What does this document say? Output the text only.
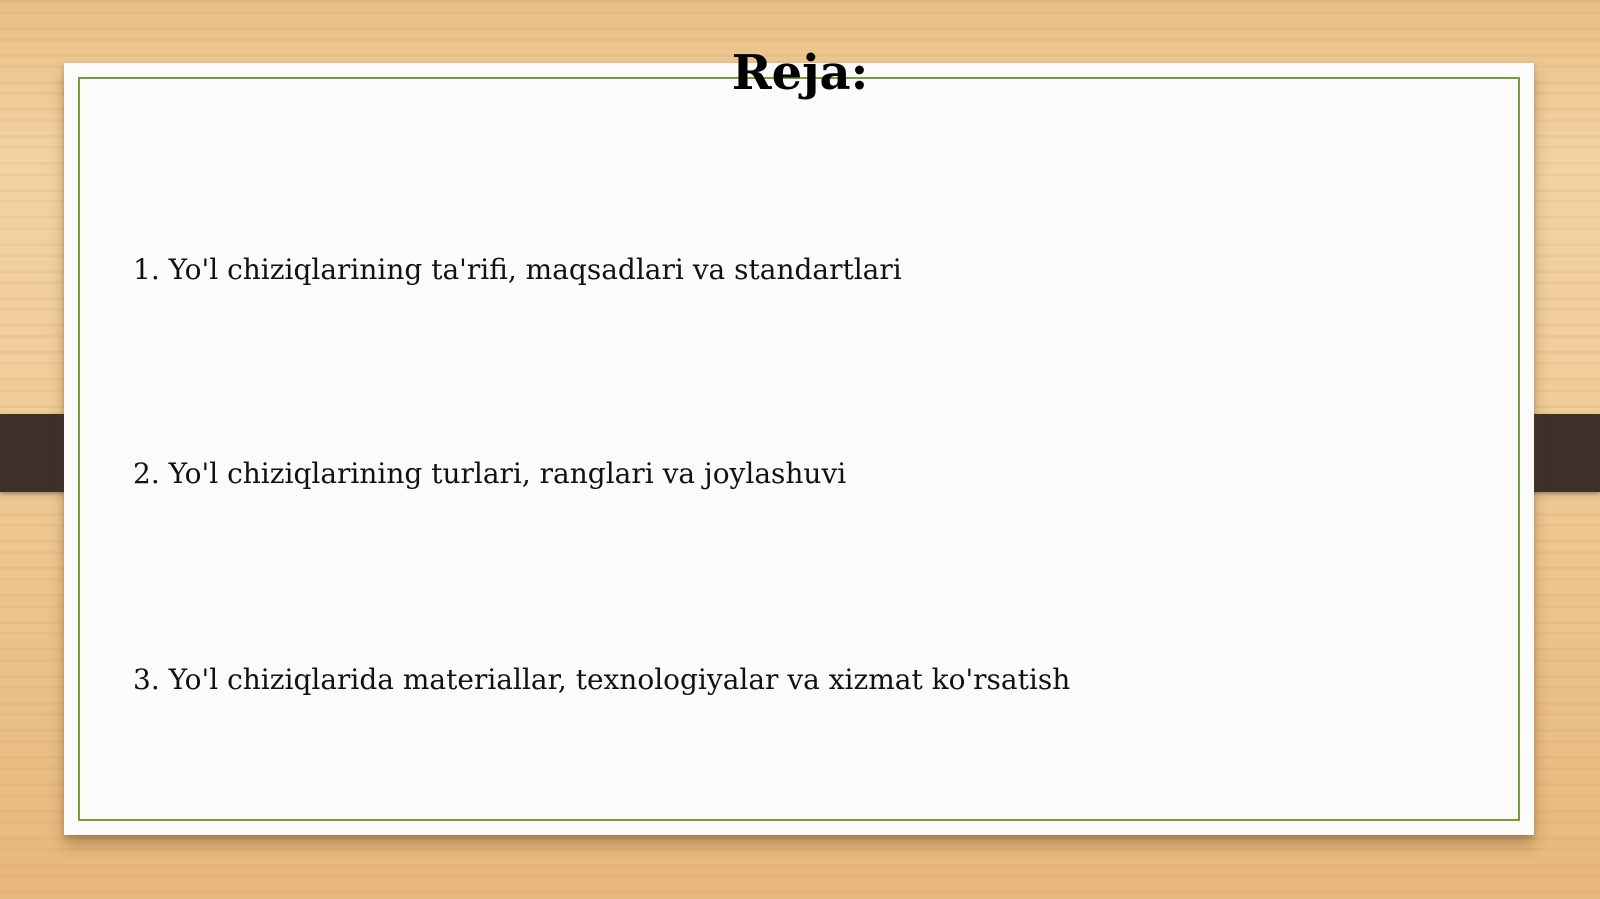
Reja:
1. Yo'l chiziqlarining ta'rifi, maqsadlari va standartlari
2. Yo'l chiziqlarining turlari, ranglari va joylashuvi
3. Yo'l chiziqlarida materiallar, texnologiyalar va xizmat ko'rsatish
